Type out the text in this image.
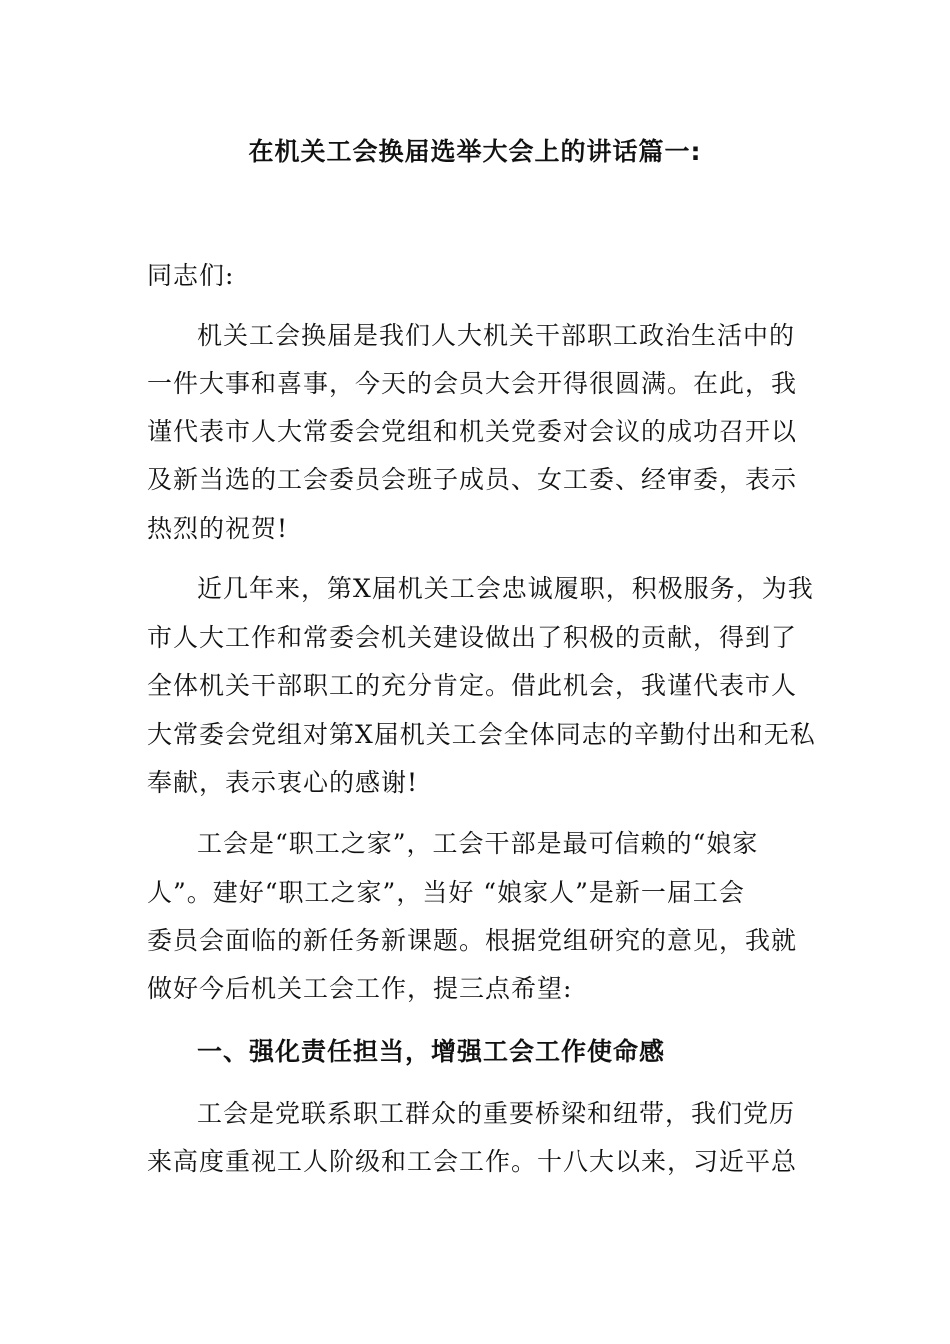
在机关工会换届选举大会上的讲话篇一:

同志们:

机关工会换届是我们人大机关干部职工政治生活中的

一件大事和喜事，今天的会员大会开得很圆满。在此，我

谨代表市人大常委会党组和机关党委对会议的成功召开以

及新当选的工会委员会班子成员、女工委、经审委，表示

热烈的祝贺!

近几年来，第X届机关工会忠诚履职，积极服务，为我

市人大工作和常委会机关建设做出了积极的贡献，得到了

全体机关干部职工的充分肯定。借此机会，我谨代表市人

大常委会党组对第X届机关工会全体同志的辛勤付出和无私

奉献，表示衷心的感谢!

工会是“职工之家”，工会干部是最可信赖的“娘家

人”。建好“职工之家”，当好 “娘家人”是新一届工会

委员会面临的新任务新课题。根据党组研究的意见，我就

做好今后机关工会工作，提三点希望:

一、强化责任担当，增强工会工作使命感

工会是党联系职工群众的重要桥梁和纽带，我们党历

来高度重视工人阶级和工会工作。十八大以来，习近平总
